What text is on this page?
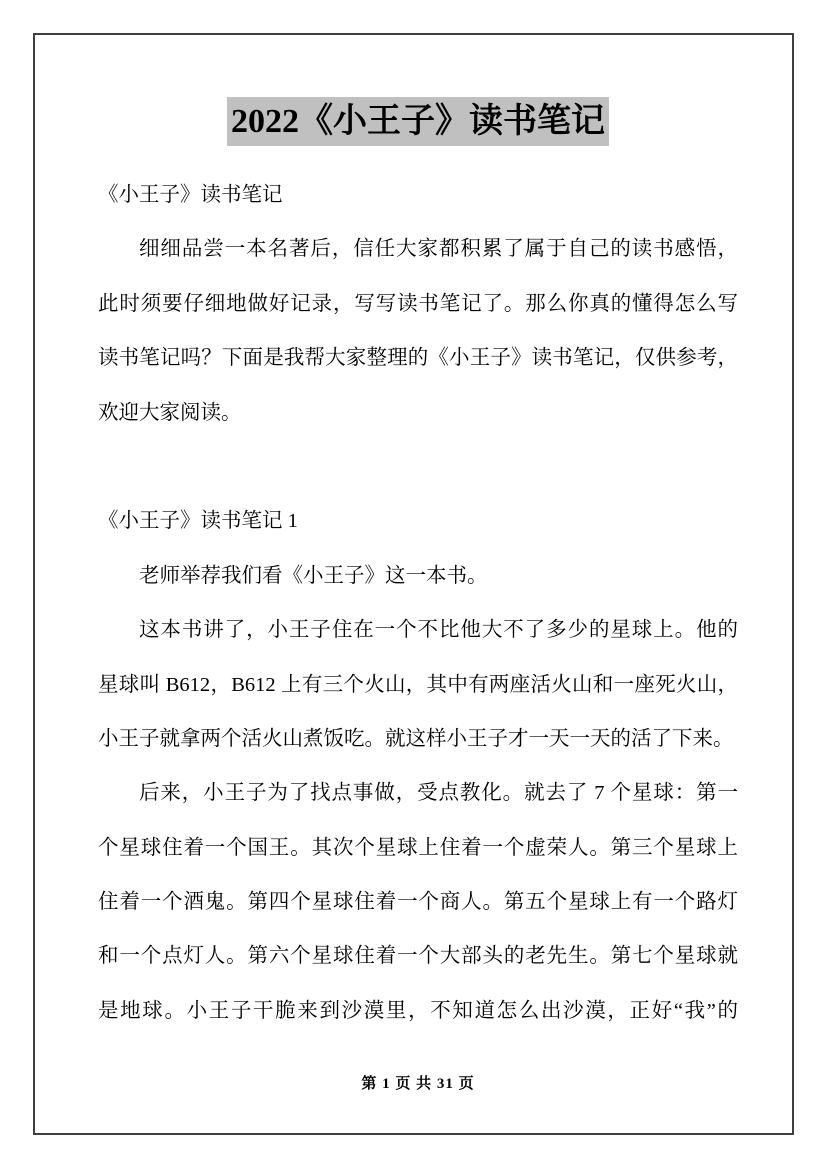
2022《小王子》读书笔记
《小王子》读书笔记
细细品尝一本名著后，信任大家都积累了属于自己的读书感悟，
此时须要仔细地做好记录，写写读书笔记了。那么你真的懂得怎么写
读书笔记吗？下面是我帮大家整理的《小王子》读书笔记，仅供参考，
欢迎大家阅读。
《小王子》读书笔记 1
老师举荐我们看《小王子》这一本书。
这本书讲了，小王子住在一个不比他大不了多少的星球上。他的
星球叫 B612，B612 上有三个火山，其中有两座活火山和一座死火山，
小王子就拿两个活火山煮饭吃。就这样小王子才一天一天的活了下来。
后来，小王子为了找点事做，受点教化。就去了 7 个星球：第一
个星球住着一个国王。其次个星球上住着一个虚荣人。第三个星球上
住着一个酒鬼。第四个星球住着一个商人。第五个星球上有一个路灯
和一个点灯人。第六个星球住着一个大部头的老先生。第七个星球就
是地球。小王子干脆来到沙漠里，不知道怎么出沙漠，正好“我”的
第 1 页 共 31 页
